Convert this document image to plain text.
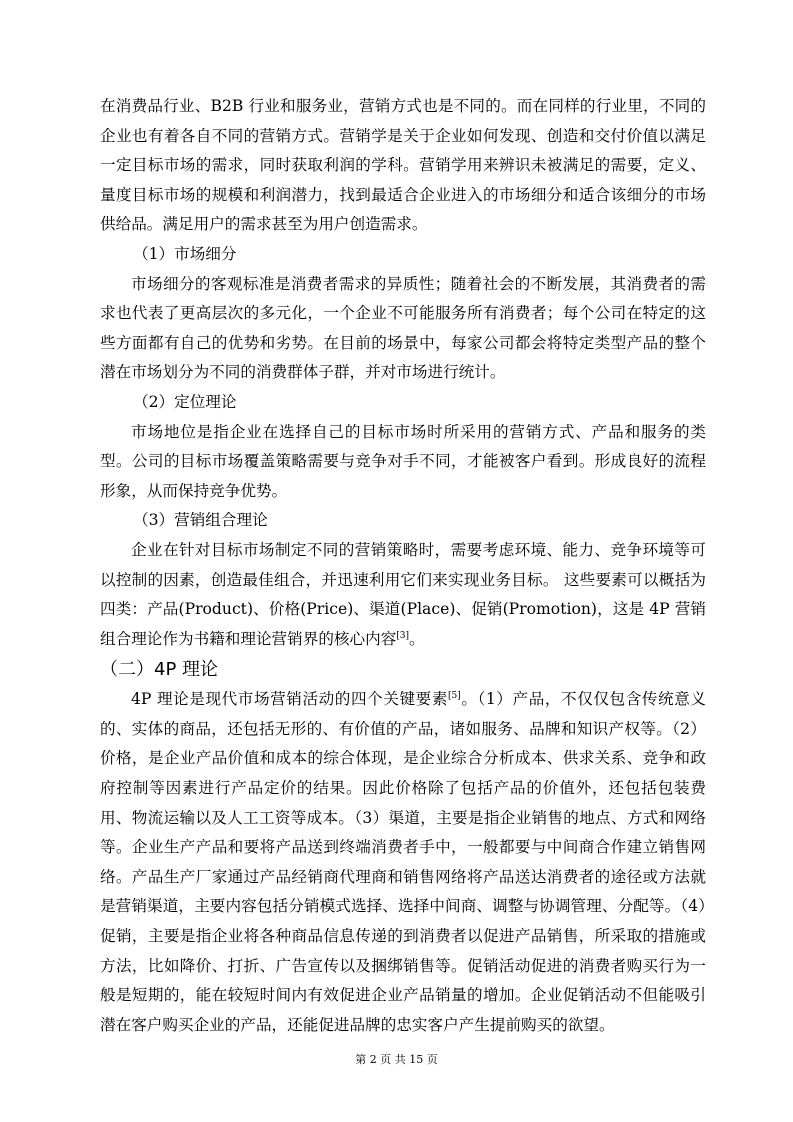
在消费品行业、B2B 行业和服务业，营销方式也是不同的。而在同样的行业里，不同的企业也有着各自不同的营销方式。营销学是关于企业如何发现、创造和交付价值以满足一定目标市场的需求，同时获取利润的学科。营销学用来辨识未被满足的需要，定义、量度目标市场的规模和利润潜力，找到最适合企业进入的市场细分和适合该细分的市场供给品。满足用户的需求甚至为用户创造需求。

（1）市场细分

市场细分的客观标准是消费者需求的异质性；随着社会的不断发展，其消费者的需求也代表了更高层次的多元化，一个企业不可能服务所有消费者；每个公司在特定的这些方面都有自己的优势和劣势。在目前的场景中，每家公司都会将特定类型产品的整个潜在市场划分为不同的消费群体子群，并对市场进行统计。

（2）定位理论

市场地位是指企业在选择自己的目标市场时所采用的营销方式、产品和服务的类型。公司的目标市场覆盖策略需要与竞争对手不同，才能被客户看到。形成良好的流程形象，从而保持竞争优势。

（3）营销组合理论

企业在针对目标市场制定不同的营销策略时，需要考虑环境、能力、竞争环境等可以控制的因素，创造最佳组合，并迅速利用它们来实现业务目标。 这些要素可以概括为四类：产品(Product)、价格(Price)、渠道(Place)、促销(Promotion)，这是 4P 营销组合理论作为书籍和理论营销界的核心内容[3]。

（二）4P 理论

4P 理论是现代市场营销活动的四个关键要素[5]。（1）产品，不仅仅包含传统意义的、实体的商品，还包括无形的、有价值的产品，诸如服务、品牌和知识产权等。（2）价格，是企业产品价值和成本的综合体现，是企业综合分析成本、供求关系、竞争和政府控制等因素进行产品定价的结果。因此价格除了包括产品的价值外，还包括包装费用、物流运输以及人工工资等成本。（3）渠道，主要是指企业销售的地点、方式和网络等。企业生产产品和要将产品送到终端消费者手中，一般都要与中间商合作建立销售网络。产品生产厂家通过产品经销商代理商和销售网络将产品送达消费者的途径或方法就是营销渠道，主要内容包括分销模式选择、选择中间商、调整与协调管理、分配等。（4）促销，主要是指企业将各种商品信息传递的到消费者以促进产品销售，所采取的措施或方法，比如降价、打折、广告宣传以及捆绑销售等。促销活动促进的消费者购买行为一般是短期的，能在较短时间内有效促进企业产品销量的增加。企业促销活动不但能吸引潜在客户购买企业的产品，还能促进品牌的忠实客户产生提前购买的欲望。

第 2 页 共 15 页
